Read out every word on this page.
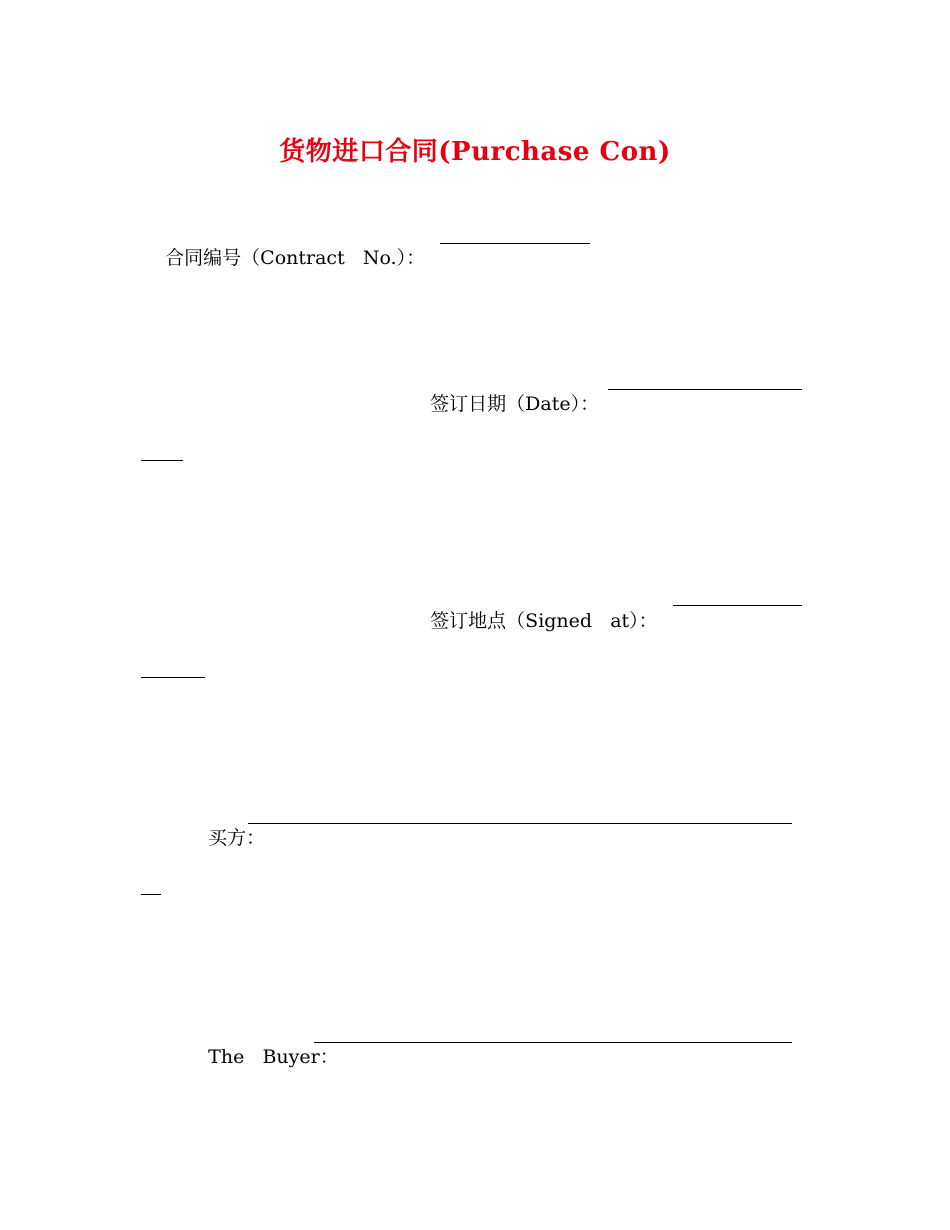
货物进口合同(Purchase Con)

合同编号（Contract   No.）：

签订日期（Date）：

签订地点（Signed   at）：

买方：

The   Buyer：
